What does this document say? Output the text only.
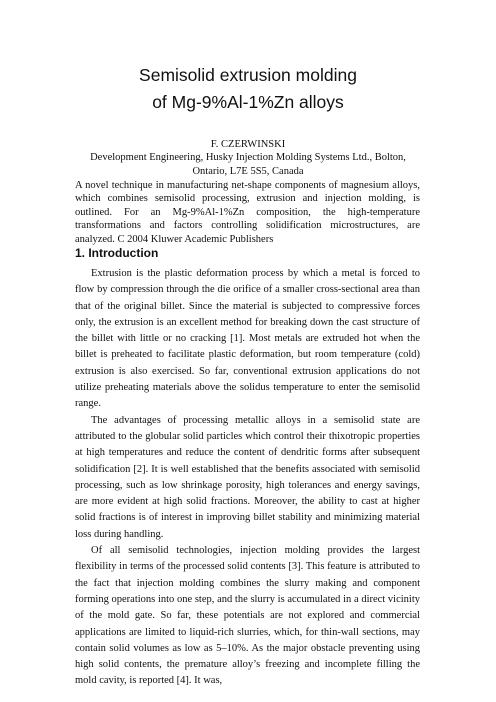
Semisolid extrusion molding
of Mg-9%Al-1%Zn alloys
F. CZERWINSKI
Development Engineering, Husky Injection Molding Systems Ltd., Bolton,
Ontario, L7E 5S5, Canada

A novel technique in manufacturing net-shape components of magnesium alloys, which combines semisolid processing, extrusion and injection molding, is outlined. For an Mg-9%Al-1%Zn composition, the high-temperature transformations and factors controlling solidification microstructures, are analyzed. C 2004 Kluwer Academic Publishers

1. Introduction

Extrusion is the plastic deformation process by which a metal is forced to flow by compression through the die orifice of a smaller cross-sectional area than that of the original billet. Since the material is subjected to compressive forces only, the extrusion is an excellent method for breaking down the cast structure of the billet with little or no cracking [1]. Most metals are extruded hot when the billet is preheated to facilitate plastic deformation, but room temperature (cold) extrusion is also exercised. So far, conventional extrusion applications do not utilize preheating materials above the solidus temperature to enter the semisolid range.

The advantages of processing metallic alloys in a semisolid state are attributed to the globular solid particles which control their thixotropic properties at high temperatures and reduce the content of dendritic forms after subsequent solidification [2]. It is well established that the benefits associated with semisolid processing, such as low shrinkage porosity, high tolerances and energy savings, are more evident at high solid fractions. Moreover, the ability to cast at higher solid fractions is of interest in improving billet stability and minimizing material loss during handling.

Of all semisolid technologies, injection molding provides the largest flexibility in terms of the processed solid contents [3]. This feature is attributed to the fact that injection molding combines the slurry making and component forming operations into one step, and the slurry is accumulated in a direct vicinity of the mold gate. So far, these potentials are not explored and commercial applications are limited to liquid-rich slurries, which, for thin-wall sections, may contain solid volumes as low as 5–10%. As the major obstacle preventing using high solid contents, the premature alloy’s freezing and incomplete filling the mold cavity, is reported [4]. It was,
